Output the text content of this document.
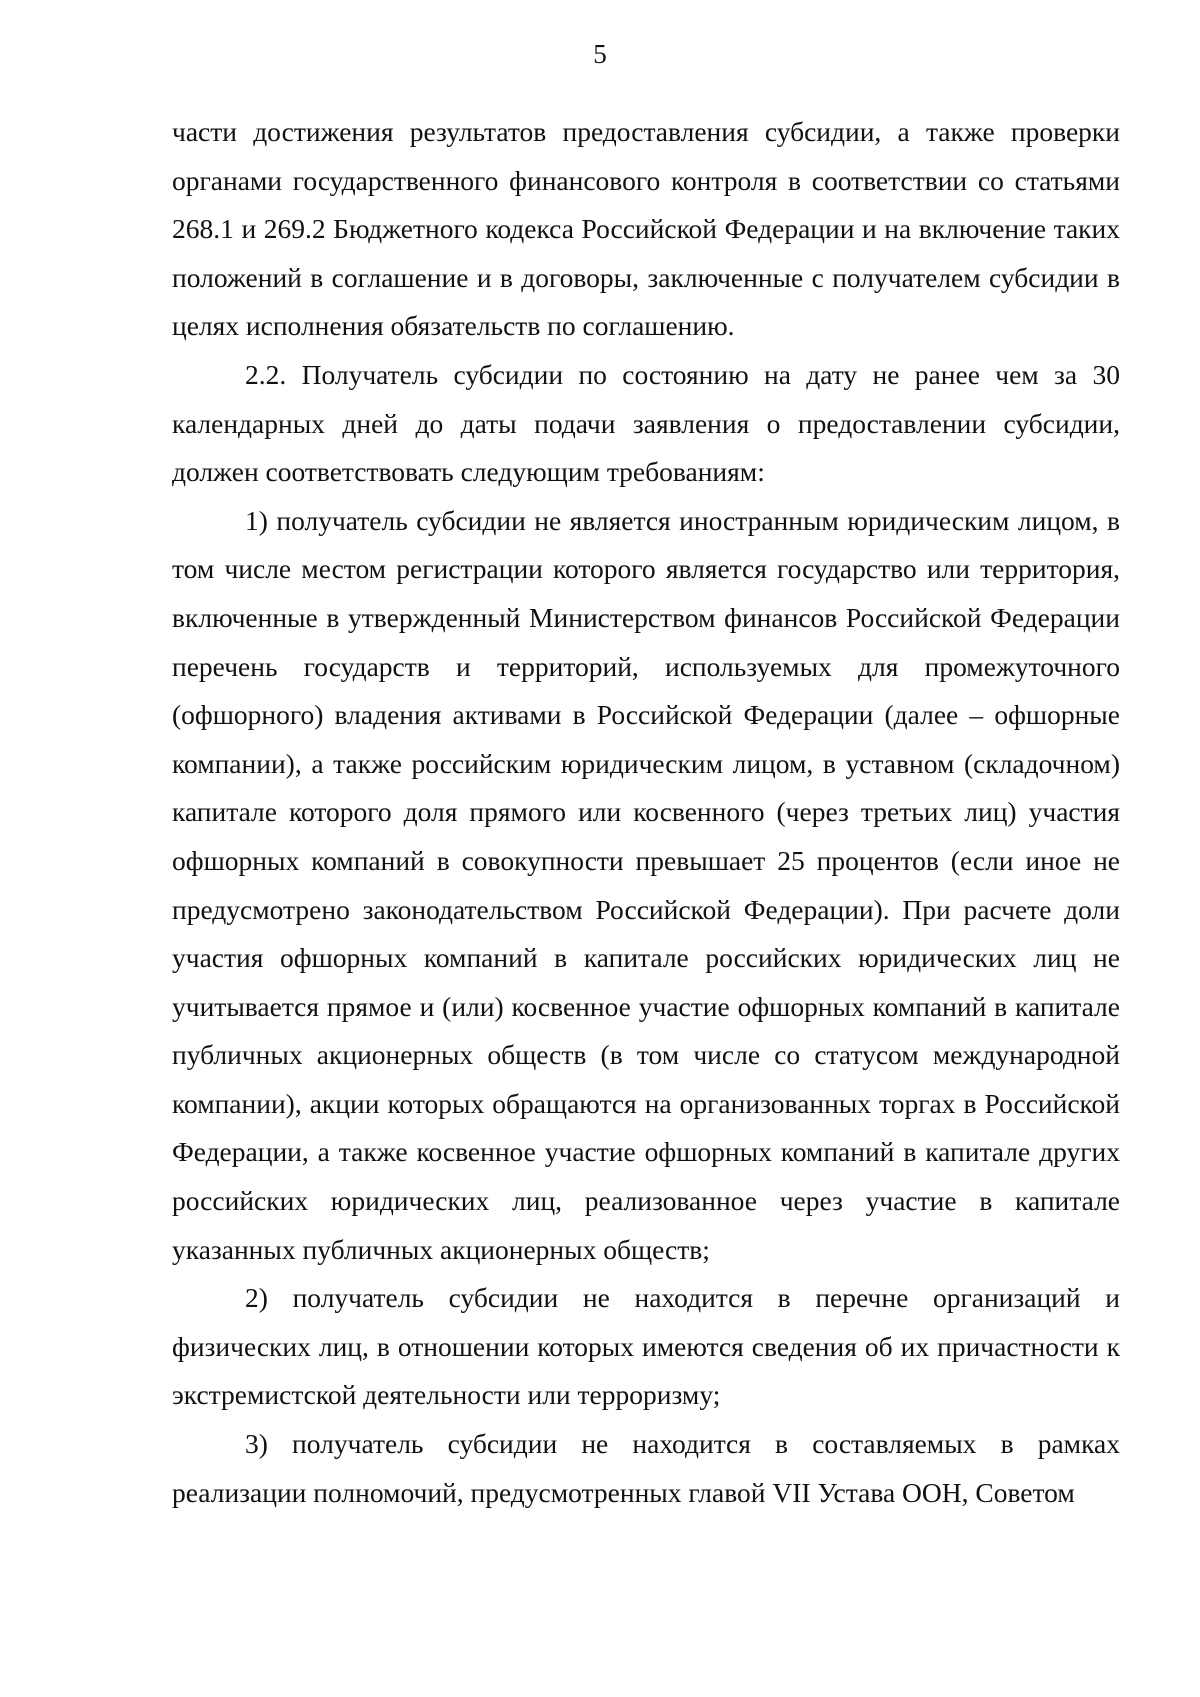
5

части достижения результатов предоставления субсидии, а также проверки органами государственного финансового контроля в соответствии со статьями 268.1 и 269.2 Бюджетного кодекса Российской Федерации и на включение таких положений в соглашение и в договоры, заключенные с получателем субсидии в целях исполнения обязательств по соглашению.

2.2. Получатель субсидии по состоянию на дату не ранее чем за 30 календарных дней до даты подачи заявления о предоставлении субсидии, должен соответствовать следующим требованиям:

1) получатель субсидии не является иностранным юридическим лицом, в том числе местом регистрации которого является государство или территория, включенные в утвержденный Министерством финансов Российской Федерации перечень государств и территорий, используемых для промежуточного (офшорного) владения активами в Российской Федерации (далее – офшорные компании), а также российским юридическим лицом, в уставном (складочном) капитале которого доля прямого или косвенного (через третьих лиц) участия офшорных компаний в совокупности превышает 25 процентов (если иное не предусмотрено законодательством Российской Федерации). При расчете доли участия офшорных компаний в капитале российских юридических лиц не учитывается прямое и (или) косвенное участие офшорных компаний в капитале публичных акционерных обществ (в том числе со статусом международной компании), акции которых обращаются на организованных торгах в Российской Федерации, а также косвенное участие офшорных компаний в капитале других российских юридических лиц, реализованное через участие в капитале указанных публичных акционерных обществ;

2) получатель субсидии не находится в перечне организаций и физических лиц, в отношении которых имеются сведения об их причастности к экстремистской деятельности или терроризму;

3) получатель субсидии не находится в составляемых в рамках реализации полномочий, предусмотренных главой VII Устава ООН, Советом
